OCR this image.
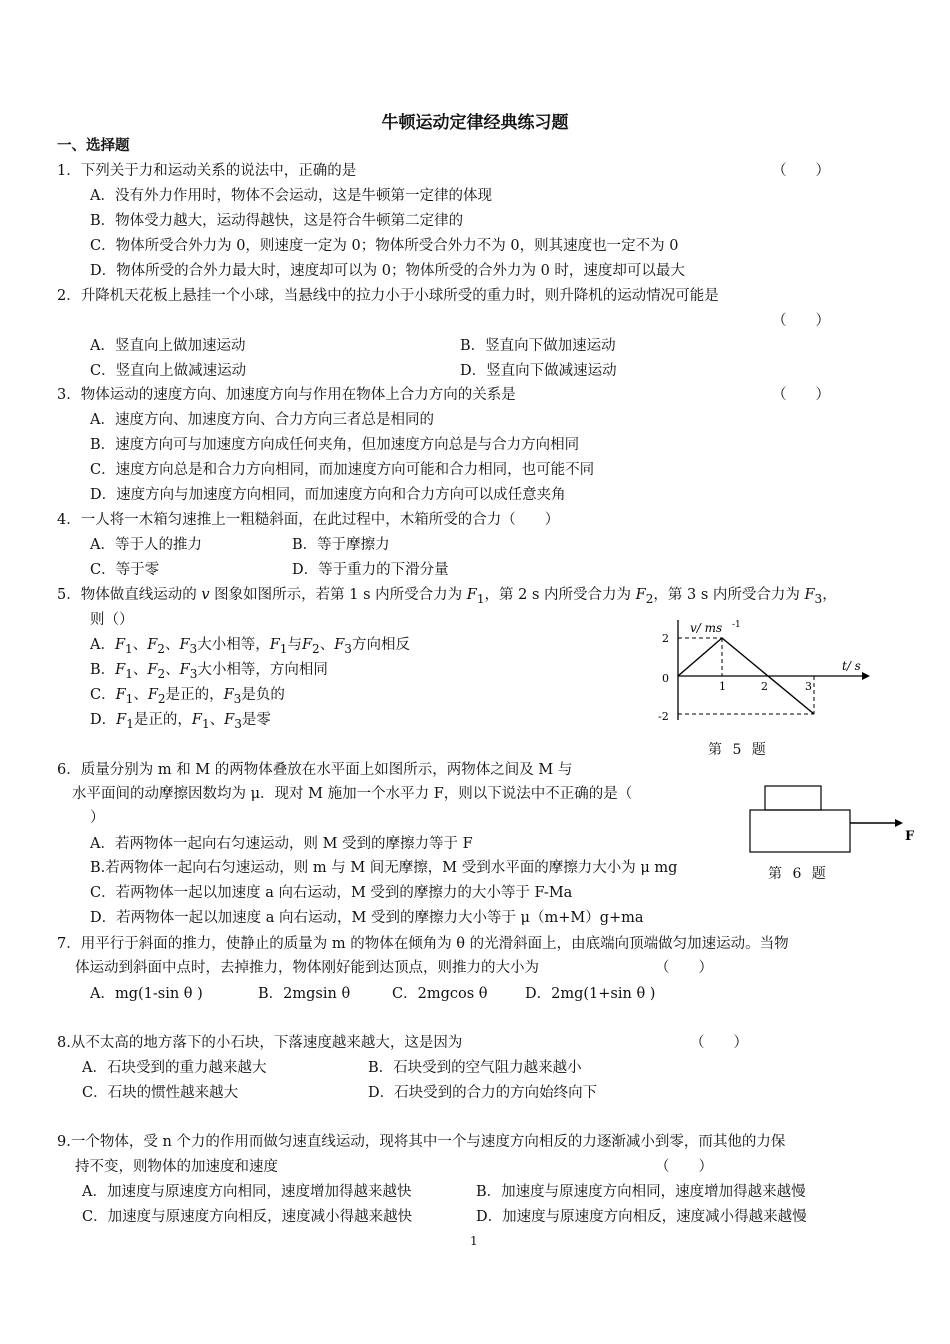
牛顿运动定律经典练习题
一、选择题
1．下列关于力和运动关系的说法中，正确的是	（　　）
A．没有外力作用时，物体不会运动，这是牛顿第一定律的体现
B．物体受力越大，运动得越快，这是符合牛顿第二定律的
C．物体所受合外力为 0，则速度一定为 0；物体所受合外力不为 0，则其速度也一定不为 0
D．物体所受的合外力最大时，速度却可以为 0；物体所受的合外力为 0 时，速度却可以最大
2．升降机天花板上悬挂一个小球，当悬线中的拉力小于小球所受的重力时，则升降机的运动情况可能是
（　　）
A．竖直向上做加速运动	B．竖直向下做加速运动
C．竖直向上做减速运动	D．竖直向下做减速运动
3．物体运动的速度方向、加速度方向与作用在物体上合力方向的关系是	（　　）
A．速度方向、加速度方向、合力方向三者总是相同的
B．速度方向可与加速度方向成任何夹角，但加速度方向总是与合力方向相同
C．速度方向总是和合力方向相同，而加速度方向可能和合力相同，也可能不同
D．速度方向与加速度方向相同，而加速度方向和合力方向可以成任意夹角
4．一人将一木箱匀速推上一粗糙斜面，在此过程中，木箱所受的合力（　　）
A．等于人的推力	B．等于摩擦力
C．等于零	D．等于重力的下滑分量
5．物体做直线运动的 v 图象如图所示，若第 1 s 内所受合力为 $F_1$，第 2 s 内所受合力为 $F_2$，第 3 s 内所受合力为 $F_3$，
则（）
A．$F_1$、$F_2$、$F_3$大小相等，$F_1$与$F_2$、$F_3$方向相反
B．$F_1$、$F_2$、$F_3$大小相等，方向相同
C．$F_1$、$F_2$是正的，$F_3$是负的
D．$F_1$是正的，$F_1$、$F_3$是零
v/ ms -1
t/ s
2
0
-2
1	2	3
第 5 题
6．质量分别为 m 和 M 的两物体叠放在水平面上如图所示，两物体之间及 M 与
水平面间的动摩擦因数均为 μ．现对 M 施加一个水平力 F，则以下说法中不正确的是（
）
A．若两物体一起向右匀速运动，则 M 受到的摩擦力等于 F
B.若两物体一起向右匀速运动，则 m 与 M 间无摩擦，M 受到水平面的摩擦力大小为 μ mg
C．若两物体一起以加速度 a 向右运动，M 受到的摩擦力的大小等于 F-Ma
D．若两物体一起以加速度 a 向右运动，M 受到的摩擦力大小等于 μ（m+M）g+ma
F
第 6 题
7．用平行于斜面的推力，使静止的质量为 m 的物体在倾角为 θ 的光滑斜面上，由底端向顶端做匀加速运动。当物
体运动到斜面中点时，去掉推力，物体刚好能到达顶点，则推力的大小为	（　　）
A．mg(1-sin θ )	B．2mgsin θ	C．2mgcos θ	D．2mg(1+sin θ )
8.从不太高的地方落下的小石块，下落速度越来越大，这是因为	（　　）
A．石块受到的重力越来越大	B．石块受到的空气阻力越来越小
C．石块的惯性越来越大	D．石块受到的合力的方向始终向下
9.一个物体，受 n 个力的作用而做匀速直线运动，现将其中一个与速度方向相反的力逐渐减小到零，而其他的力保
持不变，则物体的加速度和速度	（　　）
A．加速度与原速度方向相同，速度增加得越来越快	B．加速度与原速度方向相同，速度增加得越来越慢
C．加速度与原速度方向相反，速度减小得越来越快	D．加速度与原速度方向相反，速度减小得越来越慢
1
